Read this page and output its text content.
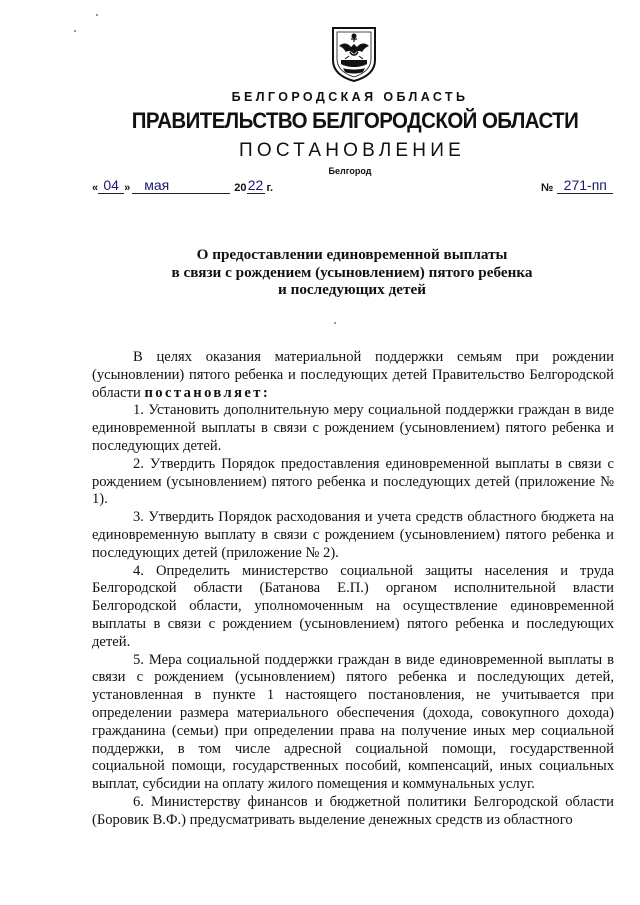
БЕЛГОРОДСКАЯ ОБЛАСТЬ
ПРАВИТЕЛЬСТВО БЕЛГОРОДСКОЙ ОБЛАСТИ
ПОСТАНОВЛЕНИЕ
Белгород
« 04 »	мая	20 22 г.	№ 271-пп
О предоставлении единовременной выплаты
в связи с рождением (усыновлением) пятого ребенка
и последующих детей

В целях оказания материальной поддержки семьям при рождении (усыновлении) пятого ребенка и последующих детей Правительство Белгородской области постановляет:

1. Установить дополнительную меру социальной поддержки граждан в виде единовременной выплаты в связи с рождением (усыновлением) пятого ребенка и последующих детей.

2. Утвердить Порядок предоставления единовременной выплаты в связи с рождением (усыновлением) пятого ребенка и последующих детей (приложение № 1).

3. Утвердить Порядок расходования и учета средств областного бюджета на единовременную выплату в связи с рождением (усыновлением) пятого ребенка и последующих детей (приложение № 2).

4. Определить министерство социальной защиты населения и труда Белгородской области (Батанова Е.П.) органом исполнительной власти Белгородской области, уполномоченным на осуществление единовременной выплаты в связи с рождением (усыновлением) пятого ребенка и последующих детей.

5. Мера социальной поддержки граждан в виде единовременной выплаты в связи с рождением (усыновлением) пятого ребенка и последующих детей, установленная в пункте 1 настоящего постановления, не учитывается при определении размера материального обеспечения (дохода, совокупного дохода) гражданина (семьи) при определении права на получение иных мер социальной поддержки, в том числе адресной социальной помощи, государственной социальной помощи, государственных пособий, компенсаций, иных социальных выплат, субсидии на оплату жилого помещения и коммунальных услуг.

6. Министерству финансов и бюджетной политики Белгородской области (Боровик В.Ф.) предусматривать выделение денежных средств из областного
